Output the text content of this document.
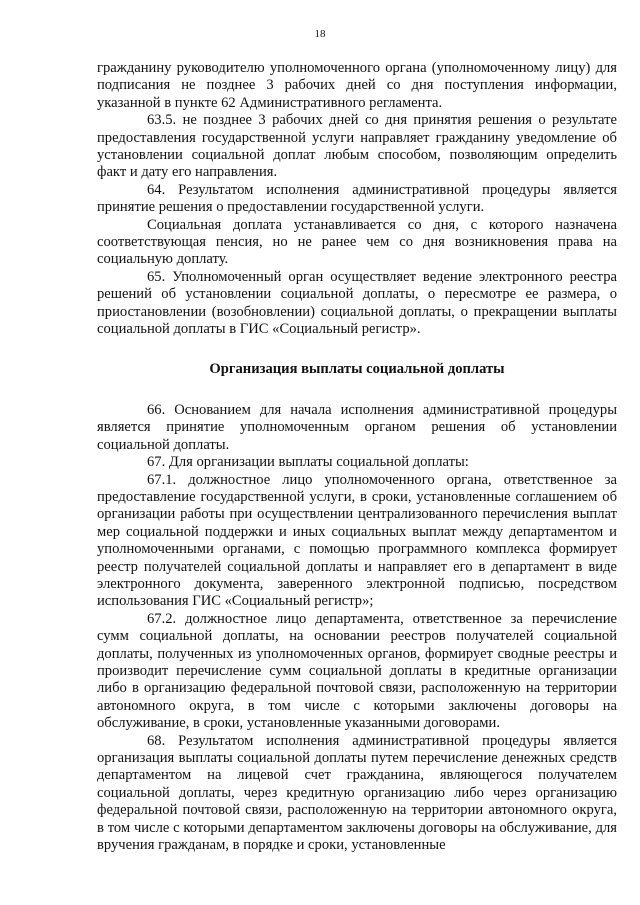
18

гражданину руководителю уполномоченного органа (уполномоченному лицу) для подписания не позднее 3 рабочих дней со дня поступления информации, указанной в пункте 62 Административного регламента.

63.5. не позднее 3 рабочих дней со дня принятия решения о результате предоставления государственной услуги направляет гражданину уведомление об установлении социальной доплат любым способом, позволяющим определить факт и дату его направления.

64. Результатом исполнения административной процедуры является принятие решения о предоставлении государственной услуги.

Социальная доплата устанавливается со дня, с которого назначена соответствующая пенсия, но не ранее чем со дня возникновения права на социальную доплату.

65. Уполномоченный орган осуществляет ведение электронного реестра решений об установлении социальной доплаты, о пересмотре ее размера, о приостановлении (возобновлении) социальной доплаты, о прекращении выплаты социальной доплаты в ГИС «Социальный регистр».

Организация выплаты социальной доплаты

66. Основанием для начала исполнения административной процедуры является принятие уполномоченным органом решения об установлении социальной доплаты.

67. Для организации выплаты социальной доплаты:

67.1. должностное лицо уполномоченного органа, ответственное за предоставление государственной услуги, в сроки, установленные соглашением об организации работы при осуществлении централизованного перечисления выплат мер социальной поддержки и иных социальных выплат между департаментом и уполномоченными органами, с помощью программного комплекса формирует реестр получателей социальной доплаты и направляет его в департамент в виде электронного документа, заверенного электронной подписью, посредством использования ГИС «Социальный регистр»;

67.2. должностное лицо департамента, ответственное за перечисление сумм социальной доплаты, на основании реестров получателей социальной доплаты, полученных из уполномоченных органов, формирует сводные реестры и производит перечисление сумм социальной доплаты в кредитные организации либо в организацию федеральной почтовой связи, расположенную на территории автономного округа, в том числе с которыми заключены договоры на обслуживание, в сроки, установленные указанными договорами.

68. Результатом исполнения административной процедуры является организация выплаты социальной доплаты путем перечисление денежных средств департаментом на лицевой счет гражданина, являющегося получателем социальной доплаты, через кредитную организацию либо через организацию федеральной почтовой связи, расположенную на территории автономного округа, в том числе с которыми департаментом заключены договоры на обслуживание, для вручения гражданам, в порядке и сроки, установленные
